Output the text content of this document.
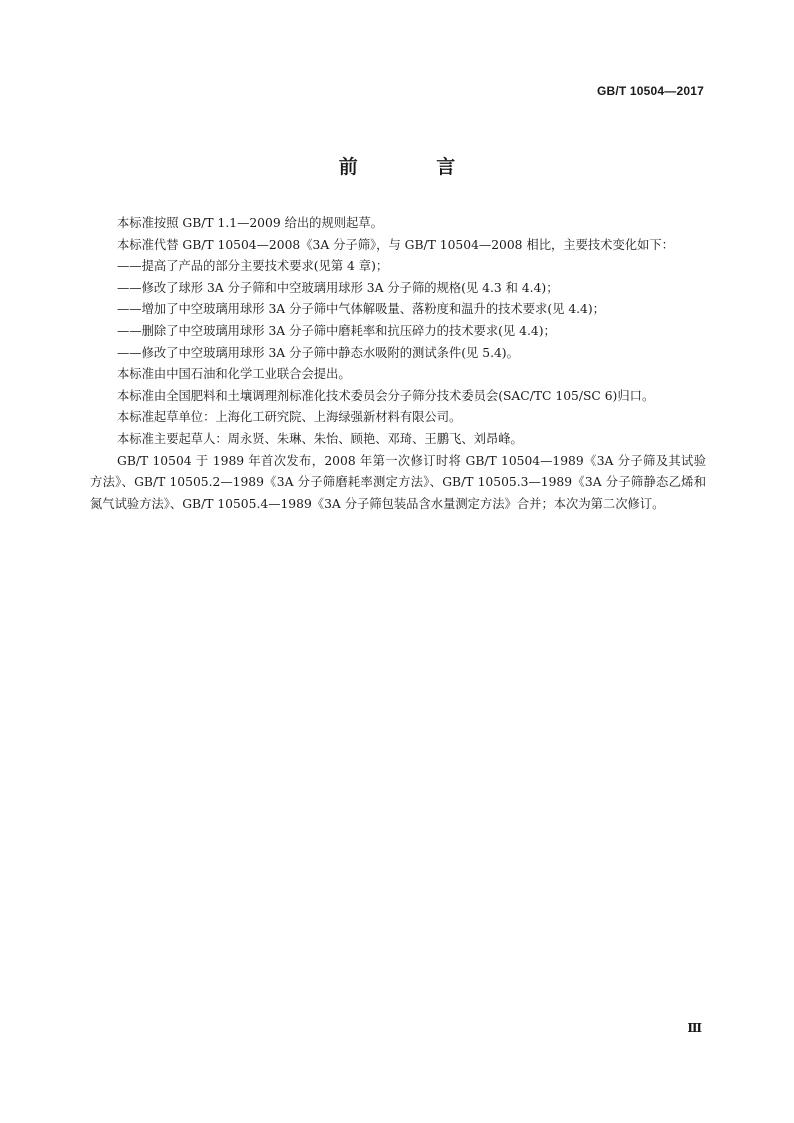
GB/T 10504—2017
前 言

本标准按照 GB/T 1.1—2009 给出的规则起草。

本标准代替 GB/T 10504—2008《3A 分子筛》，与 GB/T 10504—2008 相比，主要技术变化如下：

——提高了产品的部分主要技术要求(见第 4 章)；

——修改了球形 3A 分子筛和中空玻璃用球形 3A 分子筛的规格(见 4.3 和 4.4)；

——增加了中空玻璃用球形 3A 分子筛中气体解吸量、落粉度和温升的技术要求(见 4.4)；

——删除了中空玻璃用球形 3A 分子筛中磨耗率和抗压碎力的技术要求(见 4.4)；

——修改了中空玻璃用球形 3A 分子筛中静态水吸附的测试条件(见 5.4)。

本标准由中国石油和化学工业联合会提出。

本标准由全国肥料和土壤调理剂标准化技术委员会分子筛分技术委员会(SAC/TC 105/SC 6)归口。

本标准起草单位：上海化工研究院、上海绿强新材料有限公司。

本标准主要起草人：周永贤、朱琳、朱怡、顾艳、邓琦、王鹏飞、刘昂峰。

GB/T 10504 于 1989 年首次发布，2008 年第一次修订时将 GB/T 10504—1989《3A 分子筛及其试验方法》、GB/T 10505.2—1989《3A 分子筛磨耗率测定方法》、GB/T 10505.3—1989《3A 分子筛静态乙烯和氮气试验方法》、GB/T 10505.4—1989《3A 分子筛包装品含水量测定方法》合并；本次为第二次修订。

Ⅲ
